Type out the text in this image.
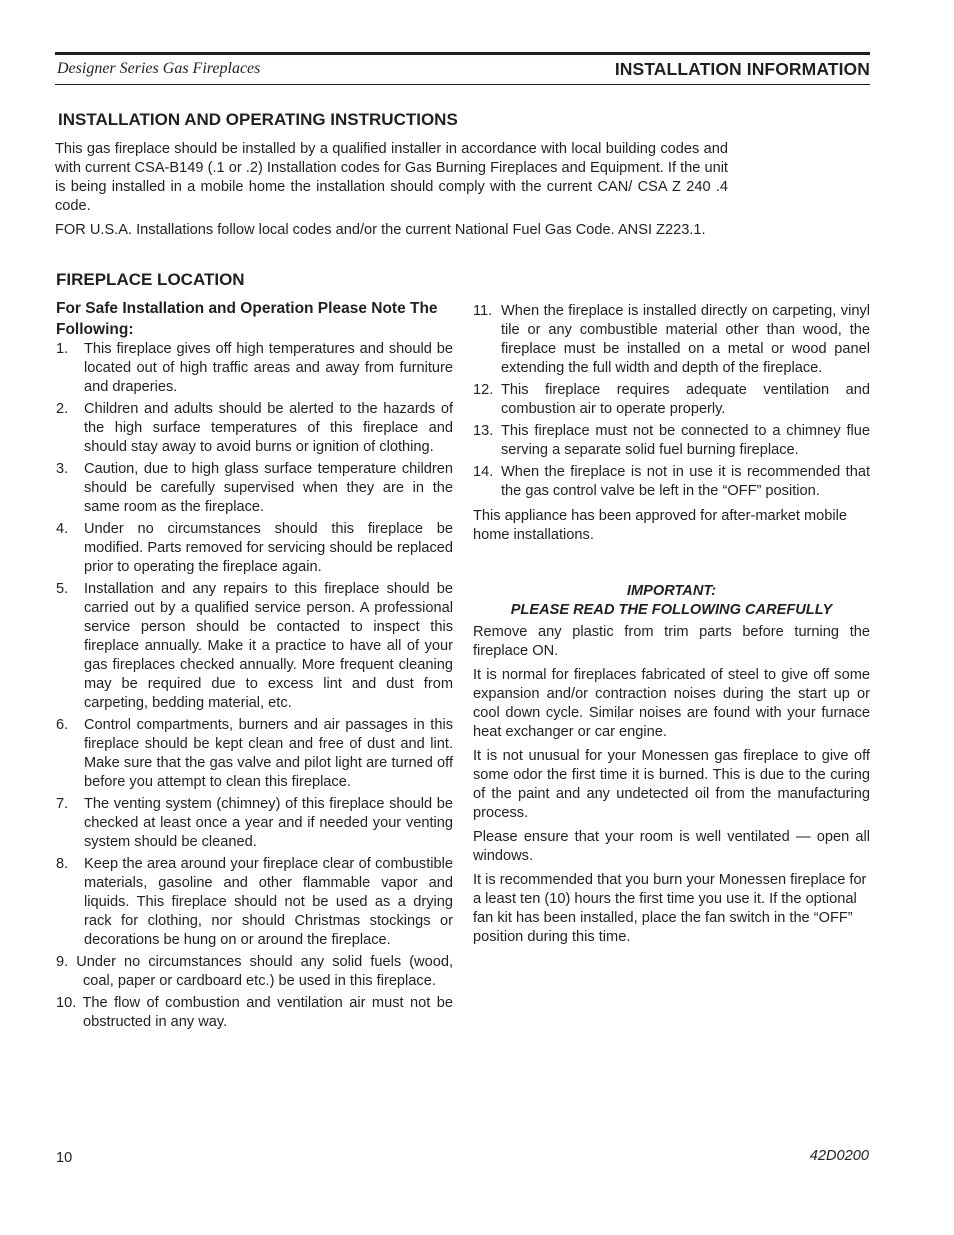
Designer Series Gas Fireplaces	INSTALLATION INFORMATION
INSTALLATION AND OPERATING INSTRUCTIONS

This gas fireplace should be installed by a qualified installer in accordance with local building codes and with current CSA-B149 (.1 or .2) Installation codes for Gas Burning Fireplaces and Equipment. If the unit is being installed in a mobile home the installation should comply with the current CAN/ CSA Z 240 .4 code.

FOR U.S.A. Installations follow local codes and/or the current National Fuel Gas Code. ANSI Z223.1.

FIREPLACE LOCATION
For Safe Installation and Operation Please Note The Following:
1. This fireplace gives off high temperatures and should be located out of high traffic areas and away from furniture and draperies.
2. Children and adults should be alerted to the hazards of the high surface temperatures of this fireplace and should stay away to avoid burns or ignition of clothing.
3. Caution, due to high glass surface temperature children should be carefully supervised when they are in the same room as the fireplace.
4. Under no circumstances should this fireplace be modified. Parts removed for servicing should be replaced prior to operating the fireplace again.
5. Installation and any repairs to this fireplace should be carried out by a qualified service person. A professional service person should be contacted to inspect this fireplace annually. Make it a practice to have all of your gas fireplaces checked annually. More frequent cleaning may be required due to excess lint and dust from carpeting, bedding material, etc.
6. Control compartments, burners and air passages in this fireplace should be kept clean and free of dust and lint. Make sure that the gas valve and pilot light are turned off before you attempt to clean this fireplace.
7. The venting system (chimney) of this fireplace should be checked at least once a year and if needed your venting system should be cleaned.
8. Keep the area around your fireplace clear of combustible materials, gasoline and other flammable vapor and liquids. This fireplace should not be used as a drying rack for clothing, nor should Christmas stockings or decorations be hung on or around the fireplace.
9. Under no circumstances should any solid fuels (wood, coal, paper or cardboard etc.) be used in this fireplace.
10. The flow of combustion and ventilation air must not be obstructed in any way.
11. When the fireplace is installed directly on carpeting, vinyl tile or any combustible material other than wood, the fireplace must be installed on a metal or wood panel extending the full width and depth of the fireplace.
12. This fireplace requires adequate ventilation and combustion air to operate properly.
13. This fireplace must not be connected to a chimney flue serving a separate solid fuel burning fireplace.
14. When the fireplace is not in use it is recommended that the gas control valve be left in the “OFF” position.

This appliance has been approved for after-market mobile home installations.

IMPORTANT:
PLEASE READ THE FOLLOWING CAREFULLY

Remove any plastic from trim parts before turning the fireplace ON.

It is normal for fireplaces fabricated of steel to give off some expansion and/or contraction noises during the start up or cool down cycle. Similar noises are found with your furnace heat exchanger or car engine.

It is not unusual for your Monessen gas fireplace to give off some odor the first time it is burned. This is due to the curing of the paint and any undetected oil from the manufacturing process.

Please ensure that your room is well ventilated — open all windows.

It is recommended that you burn your Monessen fireplace for a least ten (10) hours the first time you use it. If the optional fan kit has been installed, place the fan switch in the “OFF” position during this time.

10	42D0200
